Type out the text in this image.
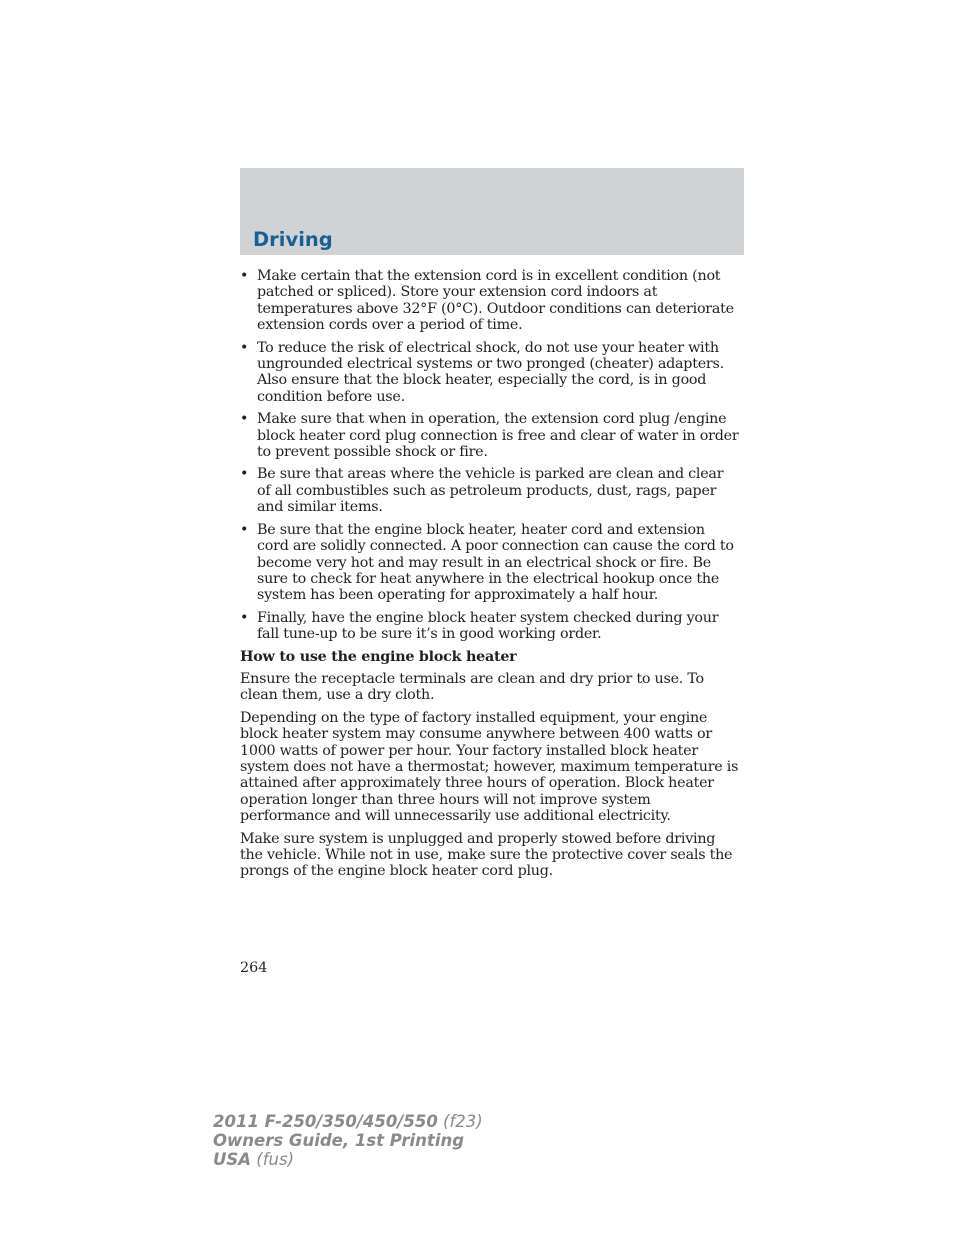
Driving
• Make certain that the extension cord is in excellent condition (not patched or spliced). Store your extension cord indoors at temperatures above 32°F (0°C). Outdoor conditions can deteriorate extension cords over a period of time.
• To reduce the risk of electrical shock, do not use your heater with ungrounded electrical systems or two pronged (cheater) adapters. Also ensure that the block heater, especially the cord, is in good condition before use.
• Make sure that when in operation, the extension cord plug /engine block heater cord plug connection is free and clear of water in order to prevent possible shock or fire.
• Be sure that areas where the vehicle is parked are clean and clear of all combustibles such as petroleum products, dust, rags, paper and similar items.
• Be sure that the engine block heater, heater cord and extension cord are solidly connected. A poor connection can cause the cord to become very hot and may result in an electrical shock or fire. Be sure to check for heat anywhere in the electrical hookup once the system has been operating for approximately a half hour.
• Finally, have the engine block heater system checked during your fall tune-up to be sure it’s in good working order.

How to use the engine block heater

Ensure the receptacle terminals are clean and dry prior to use. To clean them, use a dry cloth.

Depending on the type of factory installed equipment, your engine block heater system may consume anywhere between 400 watts or 1000 watts of power per hour. Your factory installed block heater system does not have a thermostat; however, maximum temperature is attained after approximately three hours of operation. Block heater operation longer than three hours will not improve system performance and will unnecessarily use additional electricity.

Make sure system is unplugged and properly stowed before driving the vehicle. While not in use, make sure the protective cover seals the prongs of the engine block heater cord plug.

264
2011 F-250/350/450/550 (f23)
Owners Guide, 1st Printing
USA (fus)
